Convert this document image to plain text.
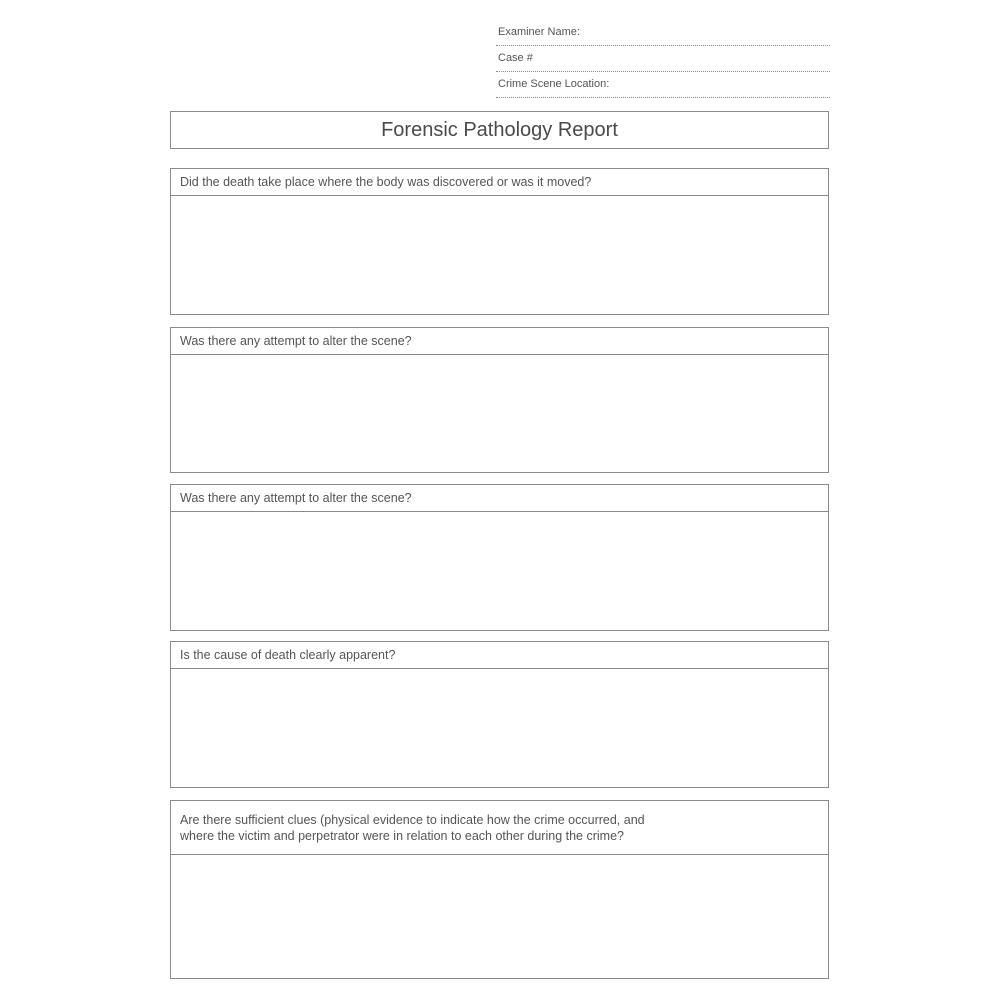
Examiner Name:
Case #
Crime Scene Location:
Forensic Pathology Report
Did the death take place where the body was discovered or was it moved?
Was there any attempt to alter the scene?
Was there any attempt to alter the scene?
Is the cause of death clearly apparent?
Are there sufficient clues (physical evidence to indicate how the crime occurred, and
where the victim and perpetrator were in relation to each other during the crime?
